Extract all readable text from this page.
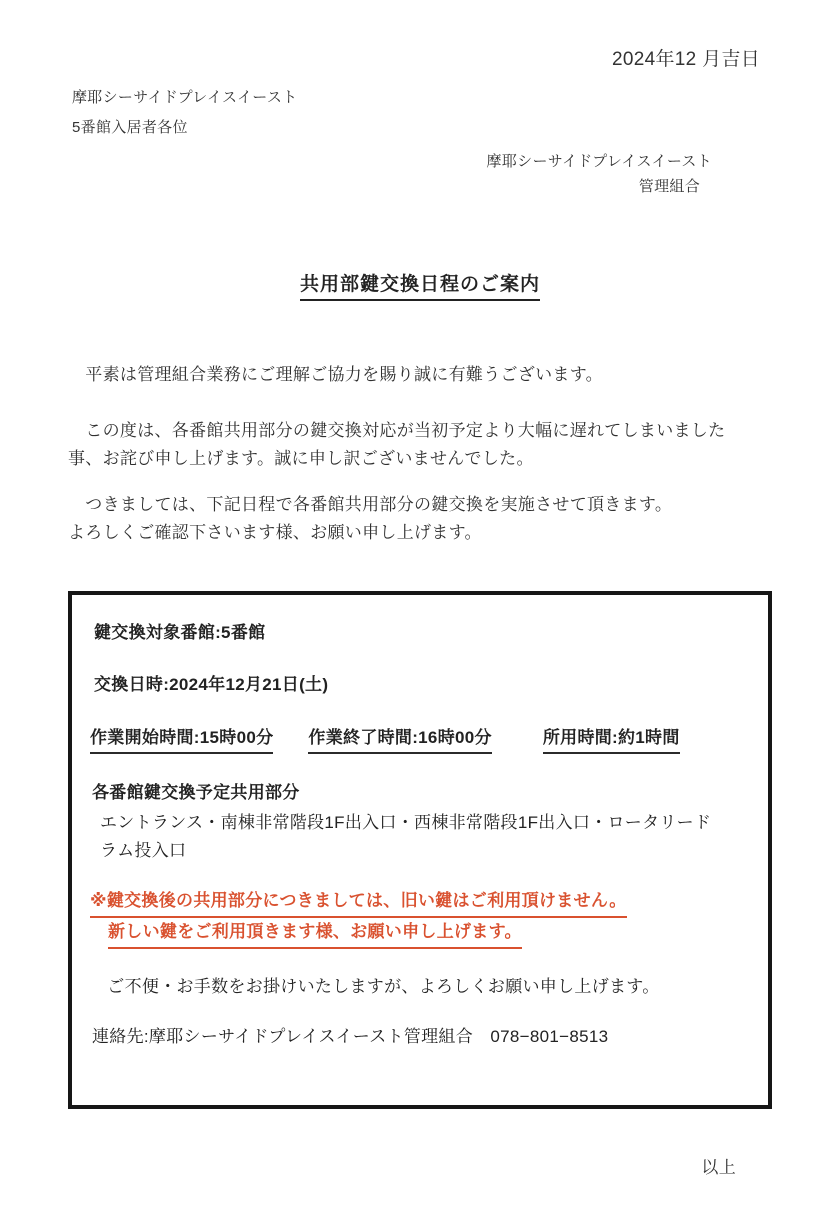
2024年12 月吉日
摩耶シーサイドプレイスイースト
5番館入居者各位
摩耶シーサイドプレイスイースト
管理組合
共用部鍵交換日程のご案内

　平素は管理組合業務にご理解ご協力を賜り誠に有難うございます。

　この度は、各番館共用部分の鍵交換対応が当初予定より大幅に遅れてしまいました
事、お詫び申し上げます。誠に申し訳ございませんでした。

　つきましては、下記日程で各番館共用部分の鍵交換を実施させて頂きます。
よろしくご確認下さいます様、お願い申し上げます。

鍵交換対象番館:5番館
交換日時:2024年12月21日(土)
作業開始時間:15時00分 作業終了時間:16時00分	所用時間:約1時間
各番館鍵交換予定共用部分
エントランス・南棟非常階段1F出入口・西棟非常階段1F出入口・ロータリードラム投入口
※鍵交換後の共用部分につきましては、旧い鍵はご利用頂けません。
新しい鍵をご利用頂きます様、お願い申し上げます。
　ご不便・お手数をお掛けいたしますが、よろしくお願い申し上げます。
連絡先:摩耶シーサイドプレイスイースト管理組合　078−801−8513
以上
